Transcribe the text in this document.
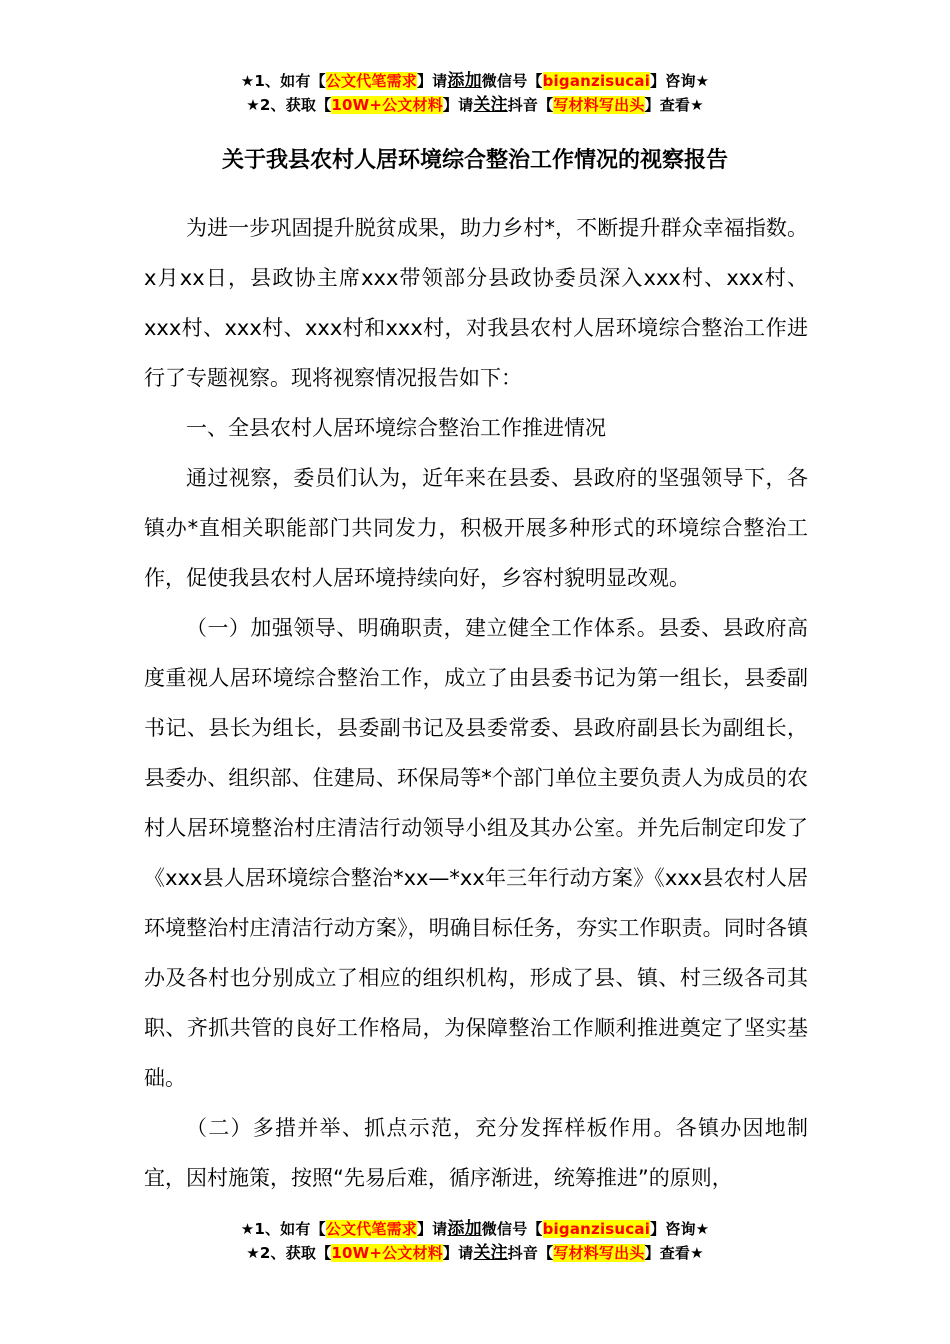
★1、如有【公文代笔需求】请添加微信号【biganzisucai】咨询★
★2、获取【10W+公文材料】请关注抖音【写材料写出头】查看★
关于我县农村人居环境综合整治工作情况的视察报告

为进一步巩固提升脱贫成果，助力乡村*，不断提升群众幸福指数。x月xx日，县政协主席xxx带领部分县政协委员深入xxx村、xxx村、xxx村、xxx村、xxx村和xxx村，对我县农村人居环境综合整治工作进行了专题视察。现将视察情况报告如下：

一、全县农村人居环境综合整治工作推进情况

通过视察，委员们认为，近年来在县委、县政府的坚强领导下，各镇办*直相关职能部门共同发力，积极开展多种形式的环境综合整治工作，促使我县农村人居环境持续向好，乡容村貌明显改观。

（一）加强领导、明确职责，建立健全工作体系。县委、县政府高度重视人居环境综合整治工作，成立了由县委书记为第一组长，县委副书记、县长为组长，县委副书记及县委常委、县政府副县长为副组长，县委办、组织部、住建局、环保局等*个部门单位主要负责人为成员的农村人居环境整治村庄清洁行动领导小组及其办公室。并先后制定印发了《xxx县人居环境综合整治*xx—*xx年三年行动方案》《xxx县农村人居环境整治村庄清洁行动方案》，明确目标任务，夯实工作职责。同时各镇办及各村也分别成立了相应的组织机构，形成了县、镇、村三级各司其职、齐抓共管的良好工作格局，为保障整治工作顺利推进奠定了坚实基础。

（二）多措并举、抓点示范，充分发挥样板作用。各镇办因地制宜，因村施策，按照“先易后难，循序渐进，统筹推进”的原则，

★1、如有【公文代笔需求】请添加微信号【biganzisucai】咨询★
★2、获取【10W+公文材料】请关注抖音【写材料写出头】查看★
